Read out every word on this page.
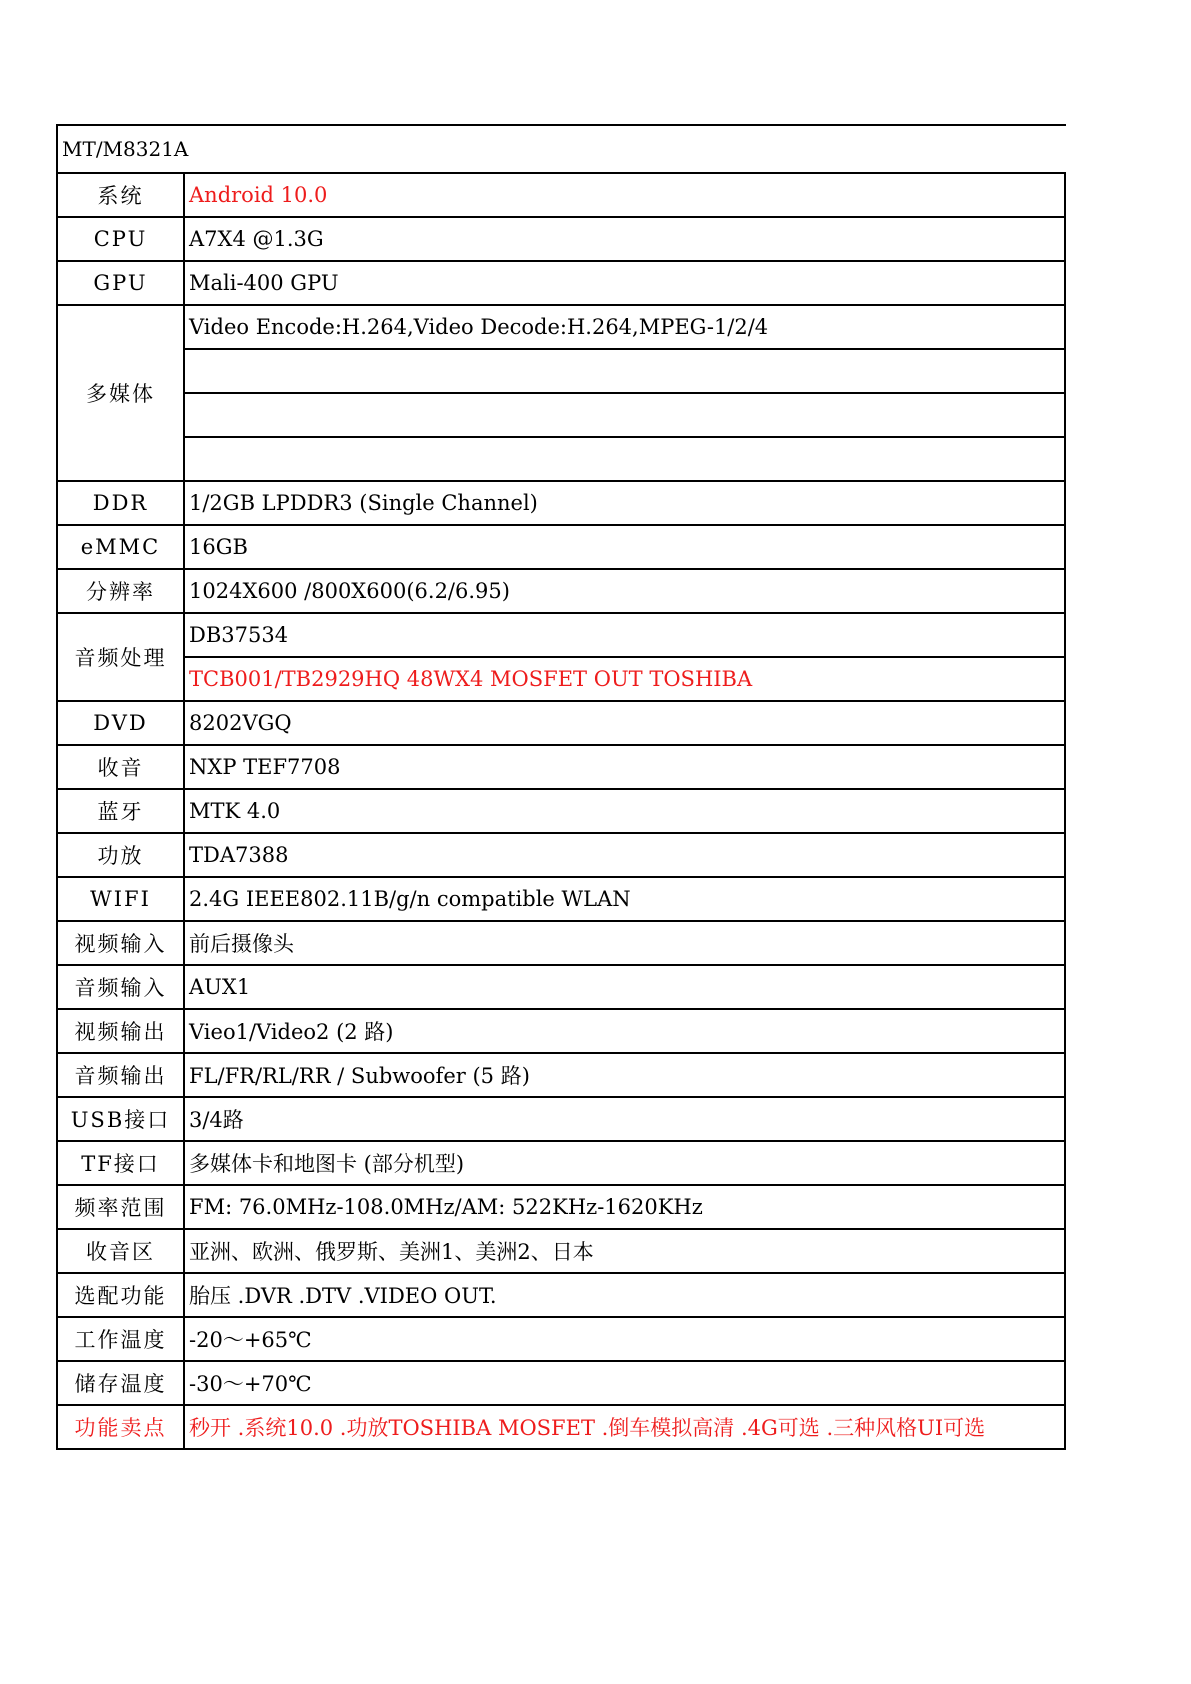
MT/M8321A
系统	Android 10.0
CPU	A7X4 @1.3G
GPU	Mali-400 GPU
多媒体	Video Encode:H.264,Video Decode:H.264,MPEG-1/2/4

DDR	1/2GB LPDDR3 (Single Channel)
eMMC	16GB
分辨率	1024X600 /800X600(6.2/6.95)
音频处理	DB37534
	TCB001/TB2929HQ 48WX4 MOSFET OUT TOSHIBA
DVD	8202VGQ
收音	NXP TEF7708
蓝牙	MTK 4.0
功放	TDA7388
WIFI	2.4G IEEE802.11B/g/n compatible WLAN
视频输入	前后摄像头
音频输入	AUX1
视频输出	Vieo1/Video2 (2 路)
音频输出	FL/FR/RL/RR / Subwoofer (5 路)
USB接口	3/4路
TF接口	多媒体卡和地图卡 (部分机型)
频率范围	FM: 76.0MHz-108.0MHz/AM: 522KHz-1620KHz
收音区	亚洲、欧洲、俄罗斯、美洲1、美洲2、日本
选配功能	胎压 .DVR .DTV .VIDEO OUT.
工作温度	-20～+65℃
储存温度	-30～+70℃
功能卖点	秒开 .系统10.0 .功放TOSHIBA MOSFET .倒车模拟高清 .4G可选 .三种风格UI可选
